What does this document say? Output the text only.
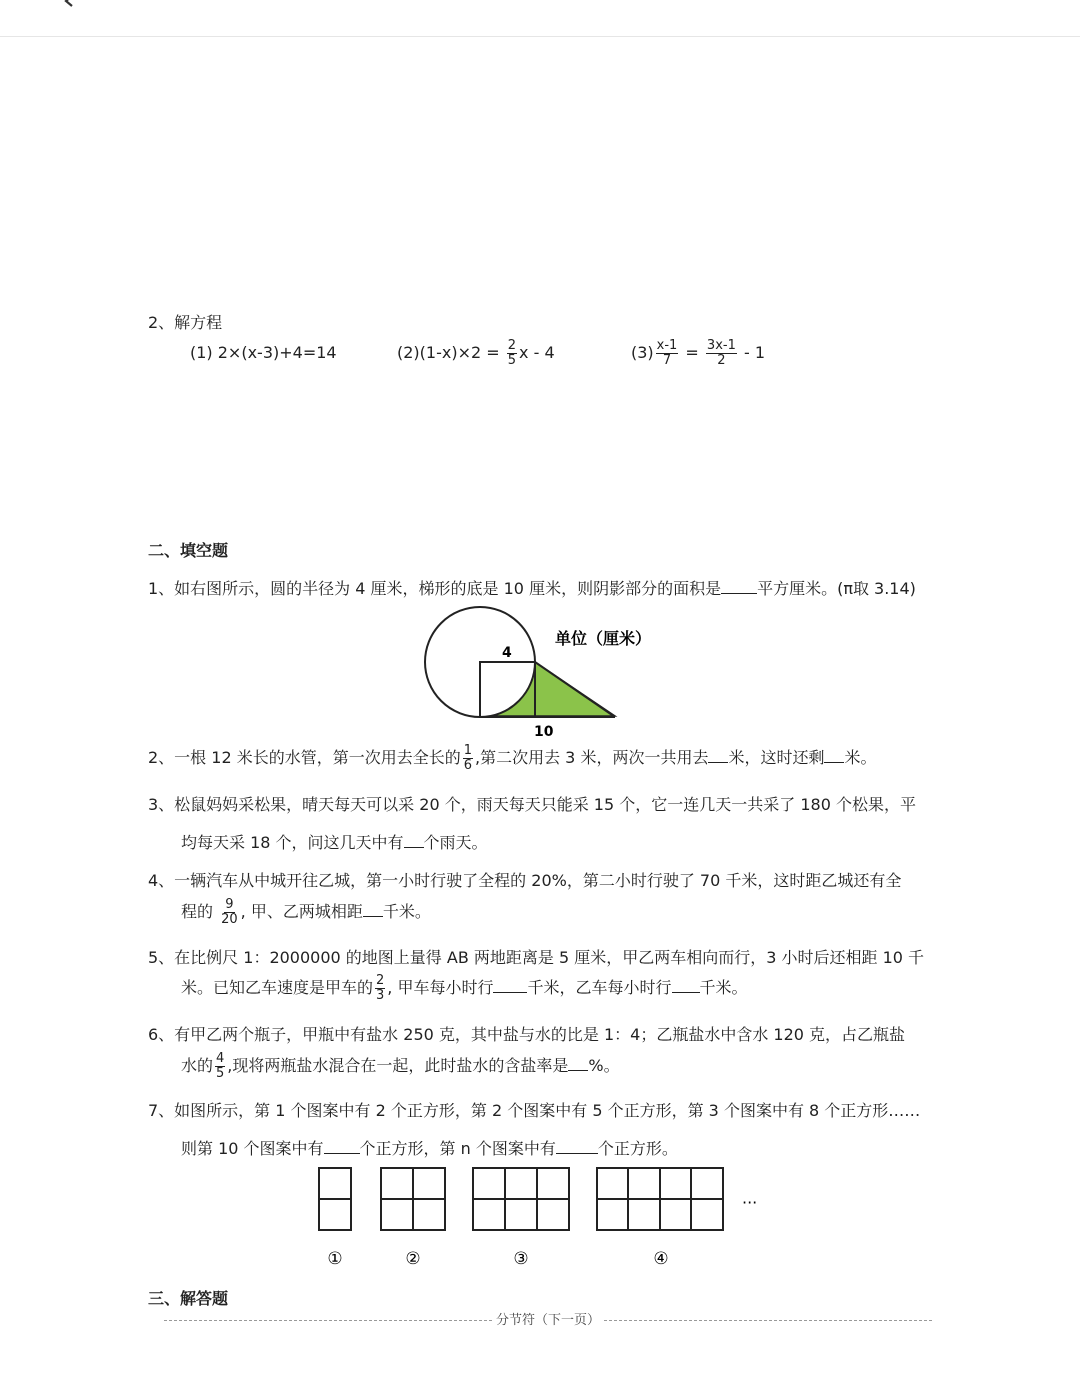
2、解方程
(1) 2×(x-3)+4=14	$(2)(1-x)\times 2 = \frac{2}{5}$ x - 4	$(3) \frac{x-1}{7} = \frac{3x-1}{2} - 1$
二、填空题
1、如右图所示，圆的半径为 4 厘米，梯形的底是 10 厘米，则阴影部分的面积是 平方厘米。(π取 3.14)
4
10
单位（厘米）
2、一根 12 米长的水管，第一次用去全长的 $\frac{1}{6}$ ,第二次用去 3 米，两次一共用去 米，这时还剩 米。
3、松鼠妈妈采松果，晴天每天可以采 20 个，雨天每天只能采 15 个，它一连几天一共采了 180 个松果，平
均每天采 18 个，问这几天中有 个雨天。
4、一辆汽车从中城开往乙城，第一小时行驶了全程的 20%，第二小时行驶了 70 千米，这时距乙城还有全
程的 $\frac{9}{20}$ , 甲、乙两城相距 千米。
5、在比例尺 1：2000000 的地图上量得 AB 两地距离是 5 厘米，甲乙两车相向而行，3 小时后还相距 10 千
米。已知乙车速度是甲车的 $\frac{2}{3}$ , 甲车每小时行 千米，乙车每小时行 千米。
6、有甲乙两个瓶子，甲瓶中有盐水 250 克，其中盐与水的比是 1：4；乙瓶盐水中含水 120 克，占乙瓶盐
水的 $\frac{4}{5}$ ,现将两瓶盐水混合在一起，此时盐水的含盐率是 %。
7、如图所示，第 1 个图案中有 2 个正方形，第 2 个图案中有 5 个正方形，第 3 个图案中有 8 个正方形……
则第 10 个图案中有 个正方形，第 n 个图案中有	个正方形。
···
①	②	③	④
三、解答题
分节符（下一页）
